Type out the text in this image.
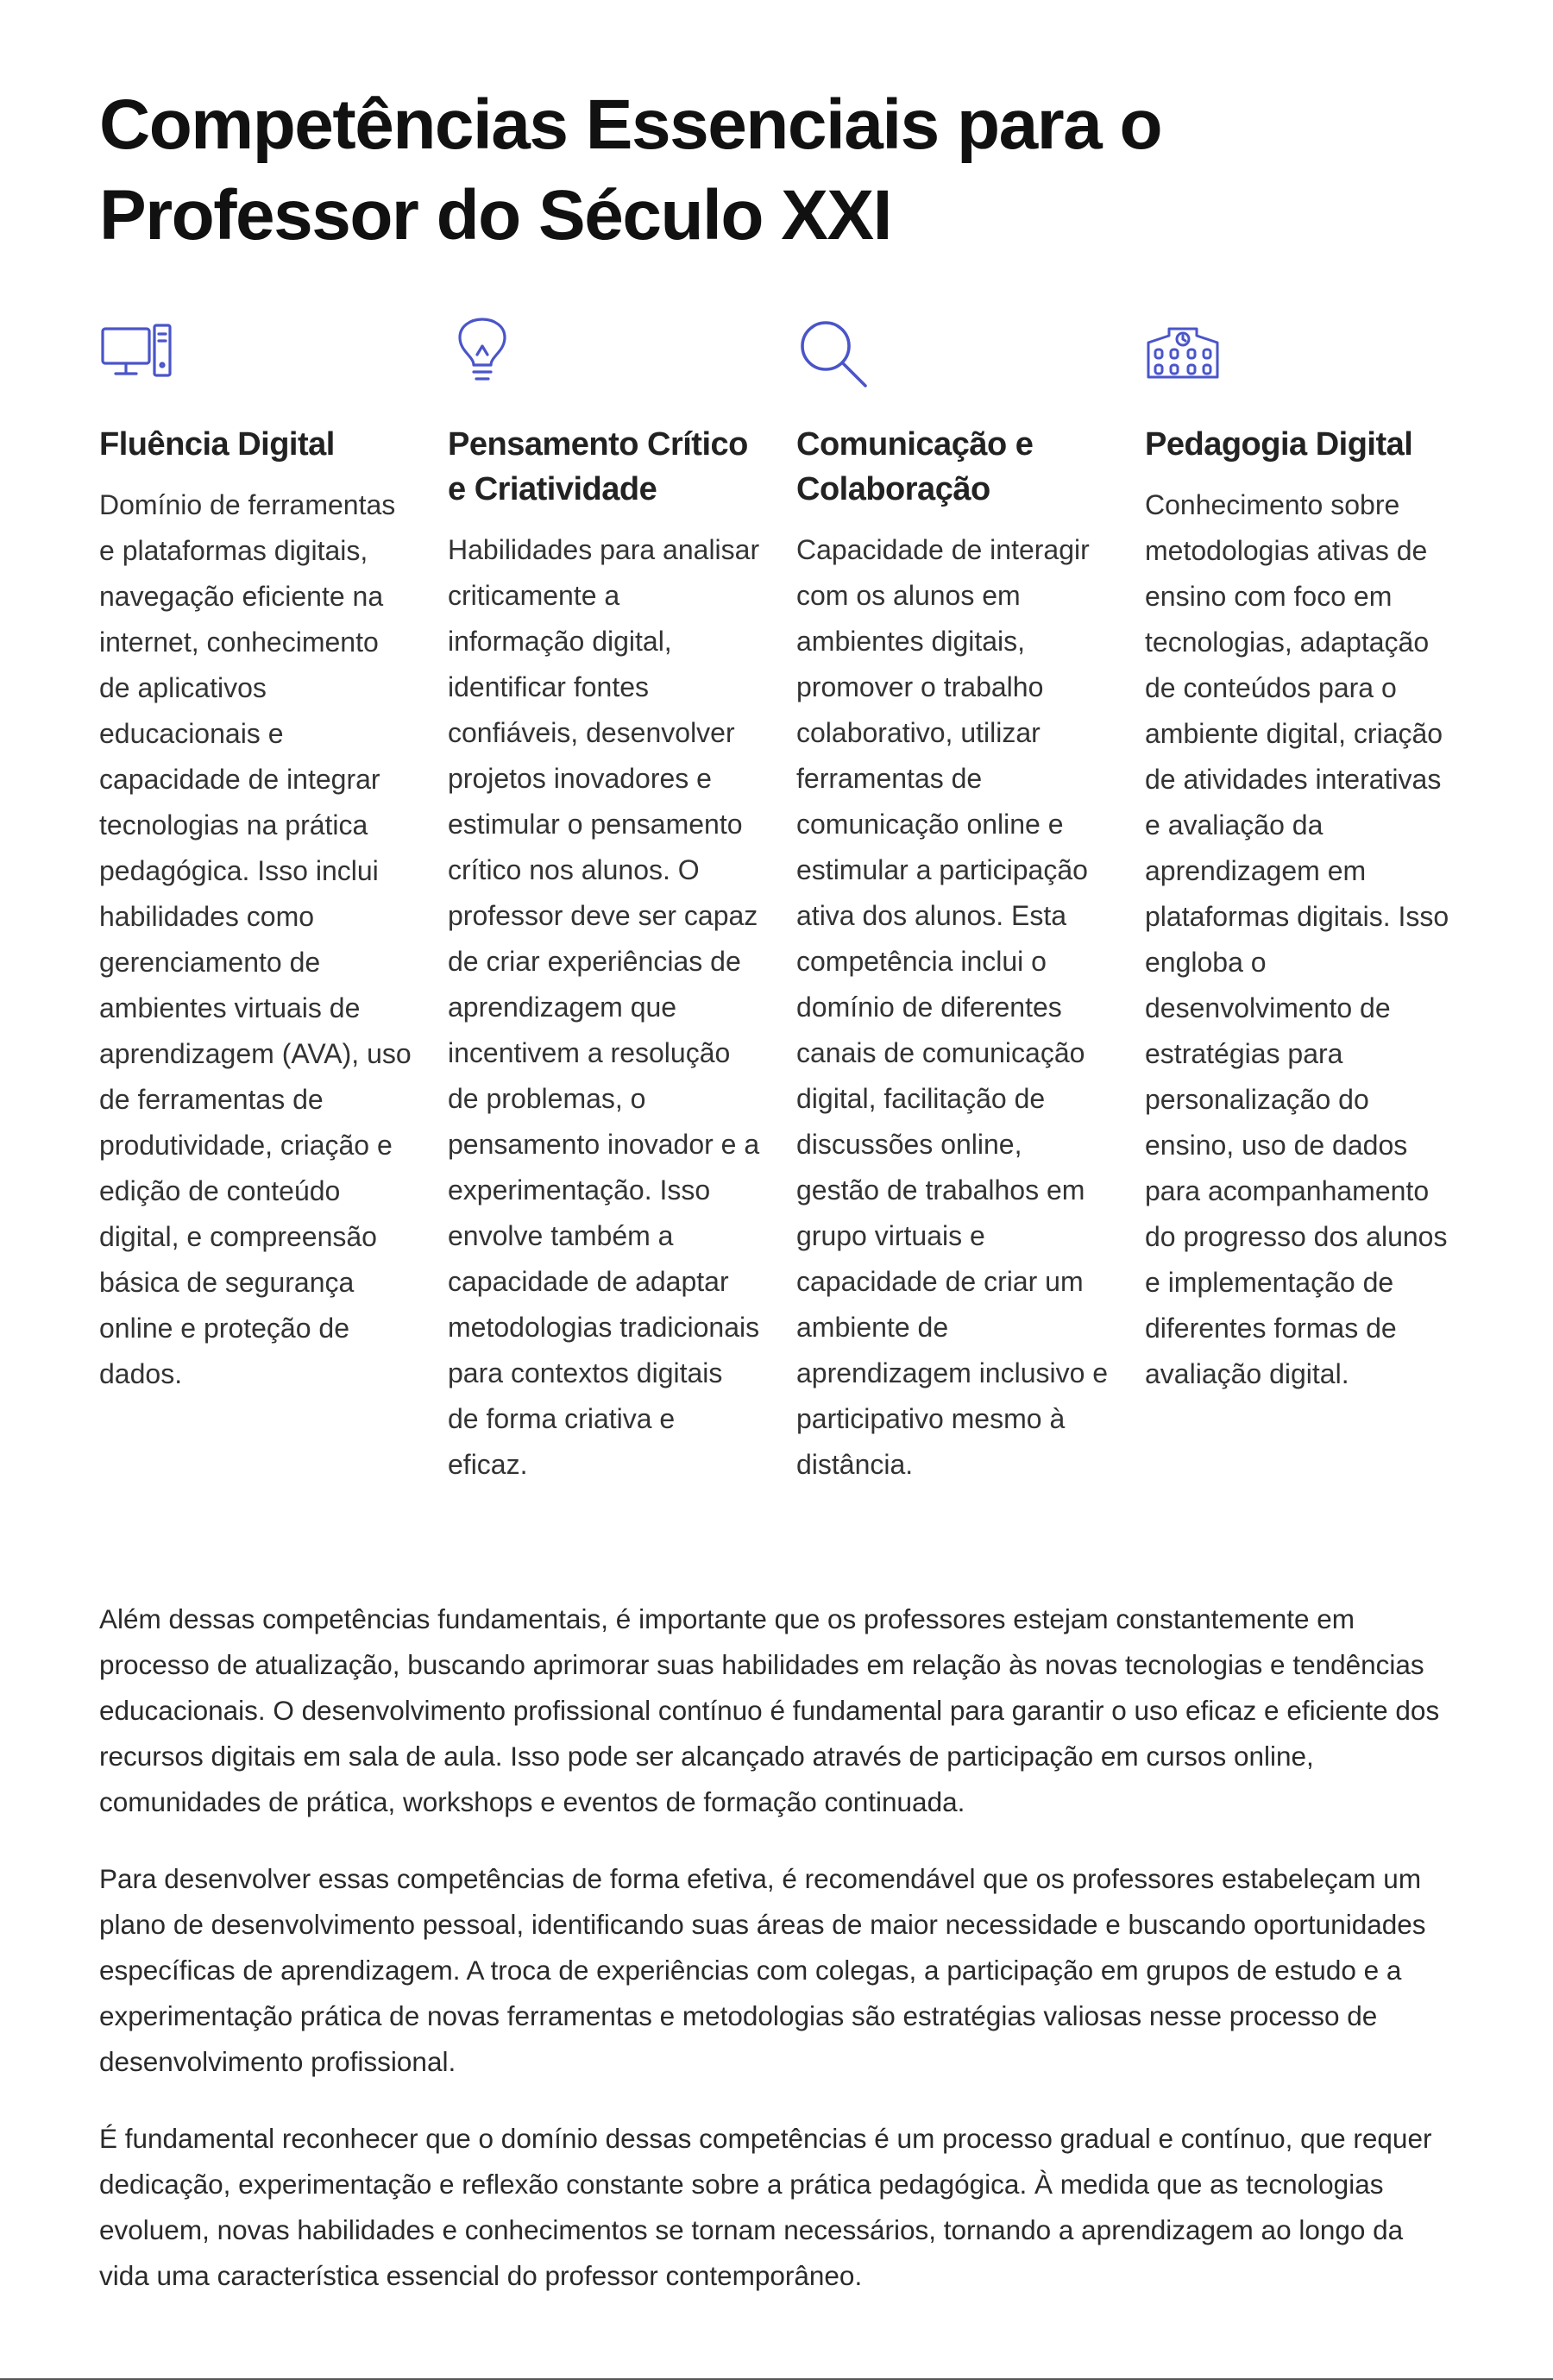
Competências Essenciais para o Professor do Século XXI
Fluência Digital

Domínio de ferramentas e plataformas digitais, navegação eficiente na internet, conhecimento de aplicativos educacionais e capacidade de integrar tecnologias na prática pedagógica. Isso inclui habilidades como gerenciamento de ambientes virtuais de aprendizagem (AVA), uso de ferramentas de produtividade, criação e edição de conteúdo digital, e compreensão básica de segurança online e proteção de dados.

Pensamento Crítico e Criatividade

Habilidades para analisar criticamente a informação digital, identificar fontes confiáveis, desenvolver projetos inovadores e estimular o pensamento crítico nos alunos. O professor deve ser capaz de criar experiências de aprendizagem que incentivem a resolução de problemas, o pensamento inovador e a experimentação. Isso envolve também a capacidade de adaptar metodologias tradicionais para contextos digitais de forma criativa e eficaz.

Comunicação e Colaboração

Capacidade de interagir com os alunos em ambientes digitais, promover o trabalho colaborativo, utilizar ferramentas de comunicação online e estimular a participação ativa dos alunos. Esta competência inclui o domínio de diferentes canais de comunicação digital, facilitação de discussões online, gestão de trabalhos em grupo virtuais e capacidade de criar um ambiente de aprendizagem inclusivo e participativo mesmo à distância.

Pedagogia Digital

Conhecimento sobre metodologias ativas de ensino com foco em tecnologias, adaptação de conteúdos para o ambiente digital, criação de atividades interativas e avaliação da aprendizagem em plataformas digitais. Isso engloba o desenvolvimento de estratégias para personalização do ensino, uso de dados para acompanhamento do progresso dos alunos e implementação de diferentes formas de avaliação digital.

Além dessas competências fundamentais, é importante que os professores estejam constantemente em processo de atualização, buscando aprimorar suas habilidades em relação às novas tecnologias e tendências educacionais. O desenvolvimento profissional contínuo é fundamental para garantir o uso eficaz e eficiente dos recursos digitais em sala de aula. Isso pode ser alcançado através de participação em cursos online, comunidades de prática, workshops e eventos de formação continuada.

Para desenvolver essas competências de forma efetiva, é recomendável que os professores estabeleçam um plano de desenvolvimento pessoal, identificando suas áreas de maior necessidade e buscando oportunidades específicas de aprendizagem. A troca de experiências com colegas, a participação em grupos de estudo e a experimentação prática de novas ferramentas e metodologias são estratégias valiosas nesse processo de desenvolvimento profissional.

É fundamental reconhecer que o domínio dessas competências é um processo gradual e contínuo, que requer dedicação, experimentação e reflexão constante sobre a prática pedagógica. À medida que as tecnologias evoluem, novas habilidades e conhecimentos se tornam necessários, tornando a aprendizagem ao longo da vida uma característica essencial do professor contemporâneo.
